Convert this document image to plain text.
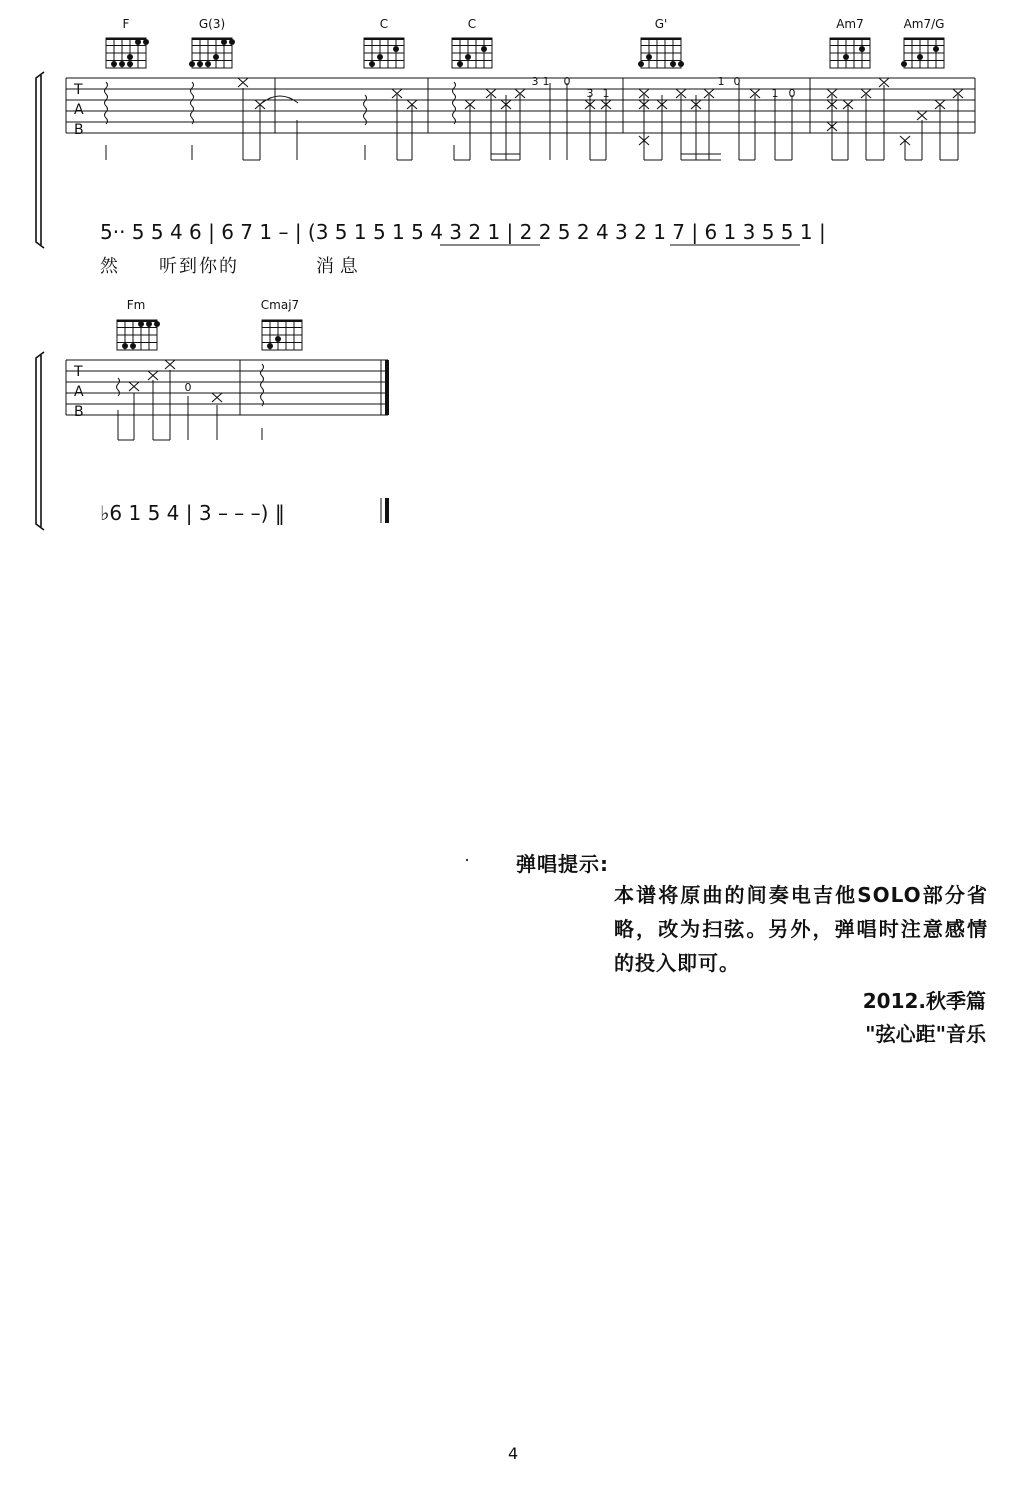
T
A
B
F	G(3)	C	C	G'	Am7	Am7/G
3 1 0
3 1
1 0
1 0
5·· 5 5 4 6 | 6 7 1 – | (3 5 1 5 1 5 4 3 2 1 | 2 2 5 2 4 3 2 1 7 | 6 1 3 5 5 1 |
然 听到你的	消 息
T
A
B
Fm	Cmaj7
0
♭6 1 5 4 | 3 – – –) ‖
弹唱提示:
本谱将原曲的间奏电吉他SOLO部分省略，改为扫弦。另外，弹唱时注意感情的投入即可。
2012.秋季篇
"弦心距"音乐
4
